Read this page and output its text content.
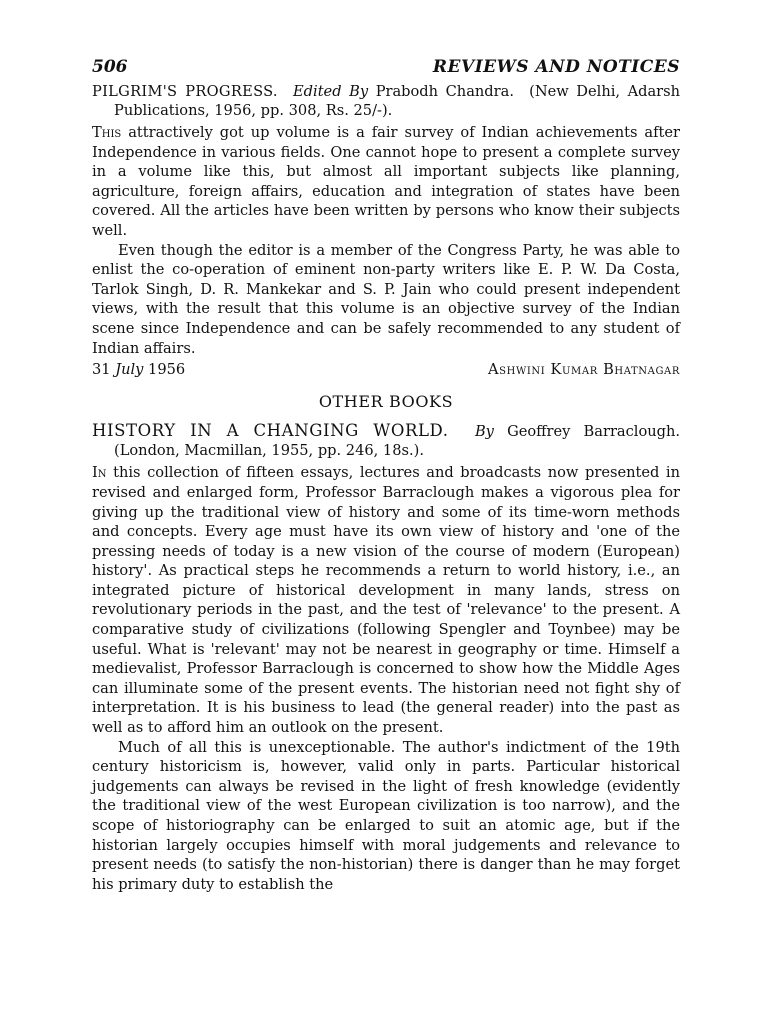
506	REVIEWS AND NOTICES

PILGRIM'S PROGRESS. Edited By Prabodh Chandra. (New Delhi, Adarsh Publications, 1956, pp. 308, Rs. 25/-).

This attractively got up volume is a fair survey of Indian achievements after Independence in various fields. One cannot hope to present a complete survey in a volume like this, but almost all important subjects like planning, agriculture, foreign affairs, education and integration of states have been covered. All the articles have been written by persons who know their subjects well.

Even though the editor is a member of the Congress Party, he was able to enlist the co-operation of eminent non-party writers like E. P. W. Da Costa, Tarlok Singh, D. R. Mankekar and S. P. Jain who could present independent views, with the result that this volume is an objective survey of the Indian scene since Independence and can be safely recommended to any student of Indian affairs.

31 July 1956	Ashwini Kumar Bhatnagar
OTHER BOOKS

HISTORY IN A CHANGING WORLD. By Geoffrey Barraclough. (London, Macmillan, 1955, pp. 246, 18s.).

In this collection of fifteen essays, lectures and broadcasts now presented in revised and enlarged form, Professor Barraclough makes a vigorous plea for giving up the traditional view of history and some of its time-worn methods and concepts. Every age must have its own view of history and 'one of the pressing needs of today is a new vision of the course of modern (European) history'. As practical steps he recommends a return to world history, i.e., an integrated picture of historical development in many lands, stress on revolutionary periods in the past, and the test of 'relevance' to the present. A comparative study of civilizations (following Spengler and Toynbee) may be useful. What is 'relevant' may not be nearest in geography or time. Himself a medievalist, Professor Barraclough is concerned to show how the Middle Ages can illuminate some of the present events. The historian need not fight shy of interpretation. It is his business to lead (the general reader) into the past as well as to afford him an outlook on the present.

Much of all this is unexceptionable. The author's indictment of the 19th century historicism is, however, valid only in parts. Particular historical judgements can always be revised in the light of fresh knowledge (evidently the traditional view of the west European civilization is too narrow), and the scope of historiography can be enlarged to suit an atomic age, but if the historian largely occupies himself with moral judgements and relevance to present needs (to satisfy the non-historian) there is danger than he may forget his primary duty to establish the
